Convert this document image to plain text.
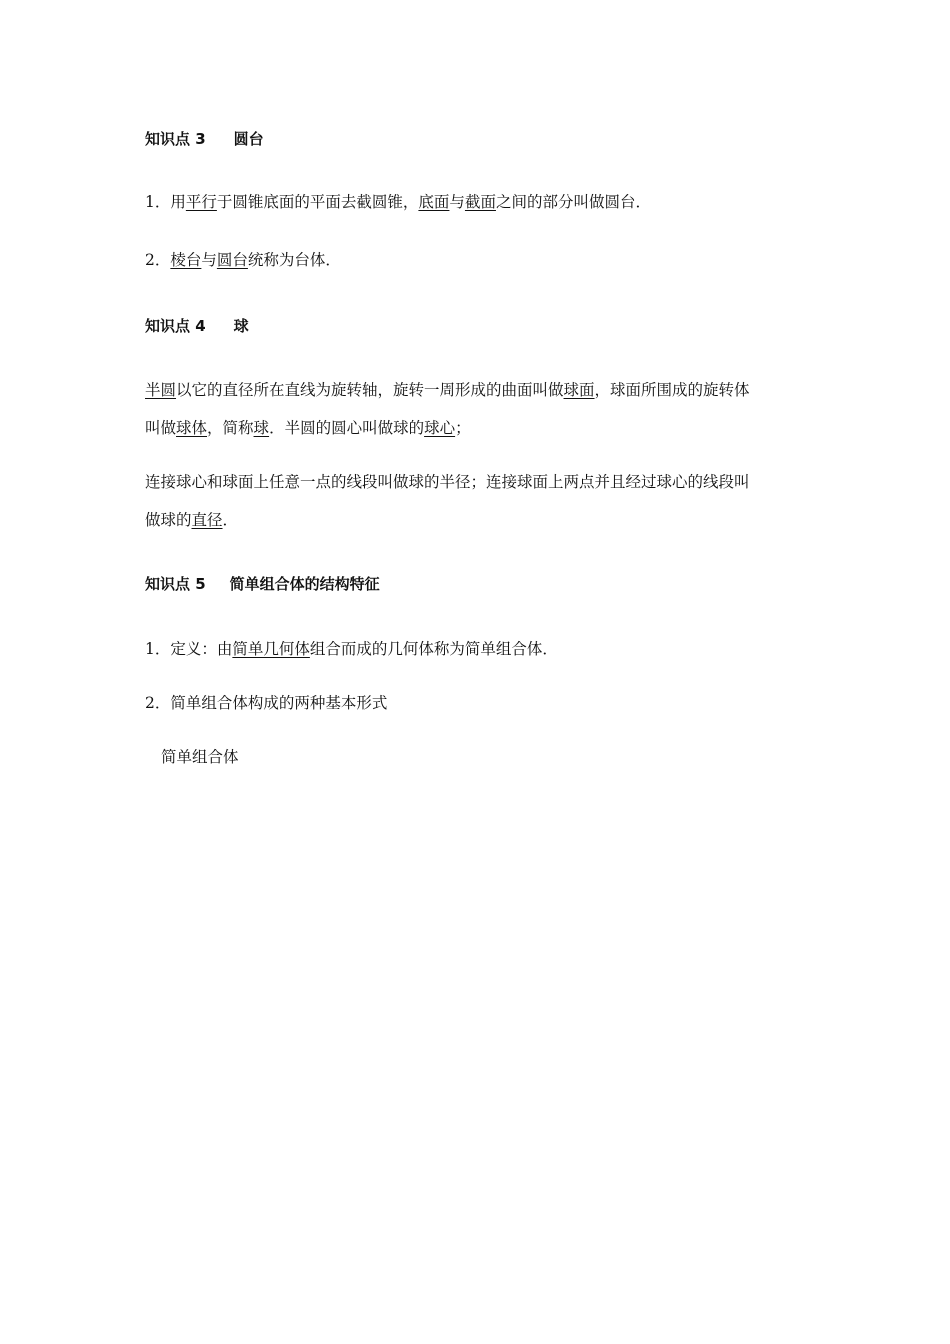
知识点 3 圆台
1．用平行于圆锥底面的平面去截圆锥，底面与截面之间的部分叫做圆台．
2．棱台与圆台统称为台体．
知识点 4 球
半圆以它的直径所在直线为旋转轴，旋转一周形成的曲面叫做球面，球面所围成的旋转体
叫做球体，简称球．半圆的圆心叫做球的球心；
连接球心和球面上任意一点的线段叫做球的半径；连接球面上两点并且经过球心的线段叫
做球的直径．
知识点 5 简单组合体的结构特征
1．定义：由简单几何体组合而成的几何体称为简单组合体．
2．简单组合体构成的两种基本形式
简单组合体
